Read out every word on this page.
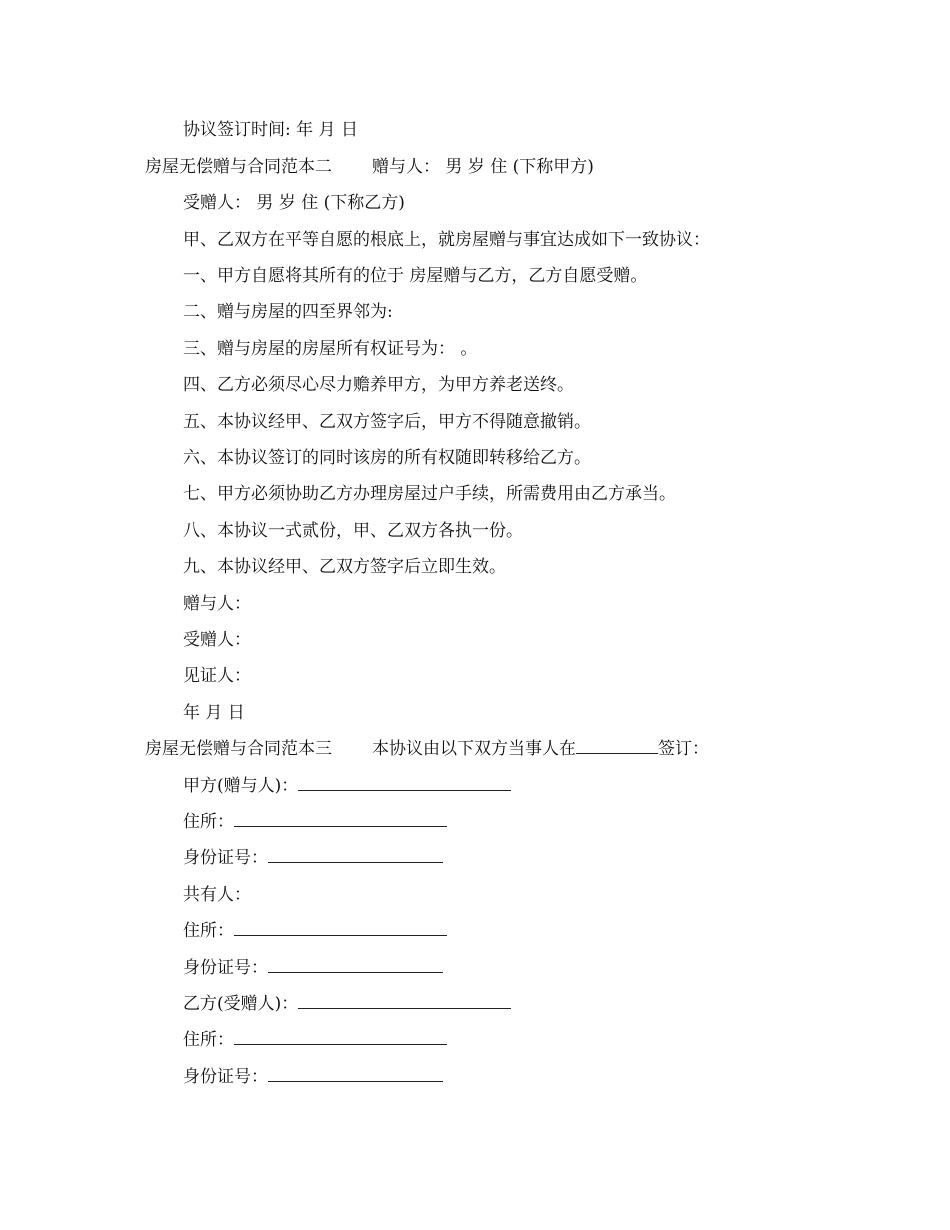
协议签订时间: 年 月 日
房屋无偿赠与合同范本二 赠与人： 男 岁 住 (下称甲方)
受赠人： 男 岁 住 (下称乙方)
甲、乙双方在平等自愿的根底上，就房屋赠与事宜达成如下一致协议：
一、甲方自愿将其所有的位于 房屋赠与乙方，乙方自愿受赠。
二、赠与房屋的四至界邻为:
三、赠与房屋的房屋所有权证号为： 。
四、乙方必须尽心尽力赡养甲方，为甲方养老送终。
五、本协议经甲、乙双方签字后，甲方不得随意撤销。
六、本协议签订的同时该房的所有权随即转移给乙方。
七、甲方必须协助乙方办理房屋过户手续，所需费用由乙方承当。
八、本协议一式贰份，甲、乙双方各执一份。
九、本协议经甲、乙双方签字后立即生效。
赠与人：
受赠人：
见证人：
年 月 日
房屋无偿赠与合同范本三 本协议由以下双方当事人在	签订：
甲方(赠与人)：
住所：
身份证号：
共有人：
住所：
身份证号：
乙方(受赠人)：
住所：
身份证号：
